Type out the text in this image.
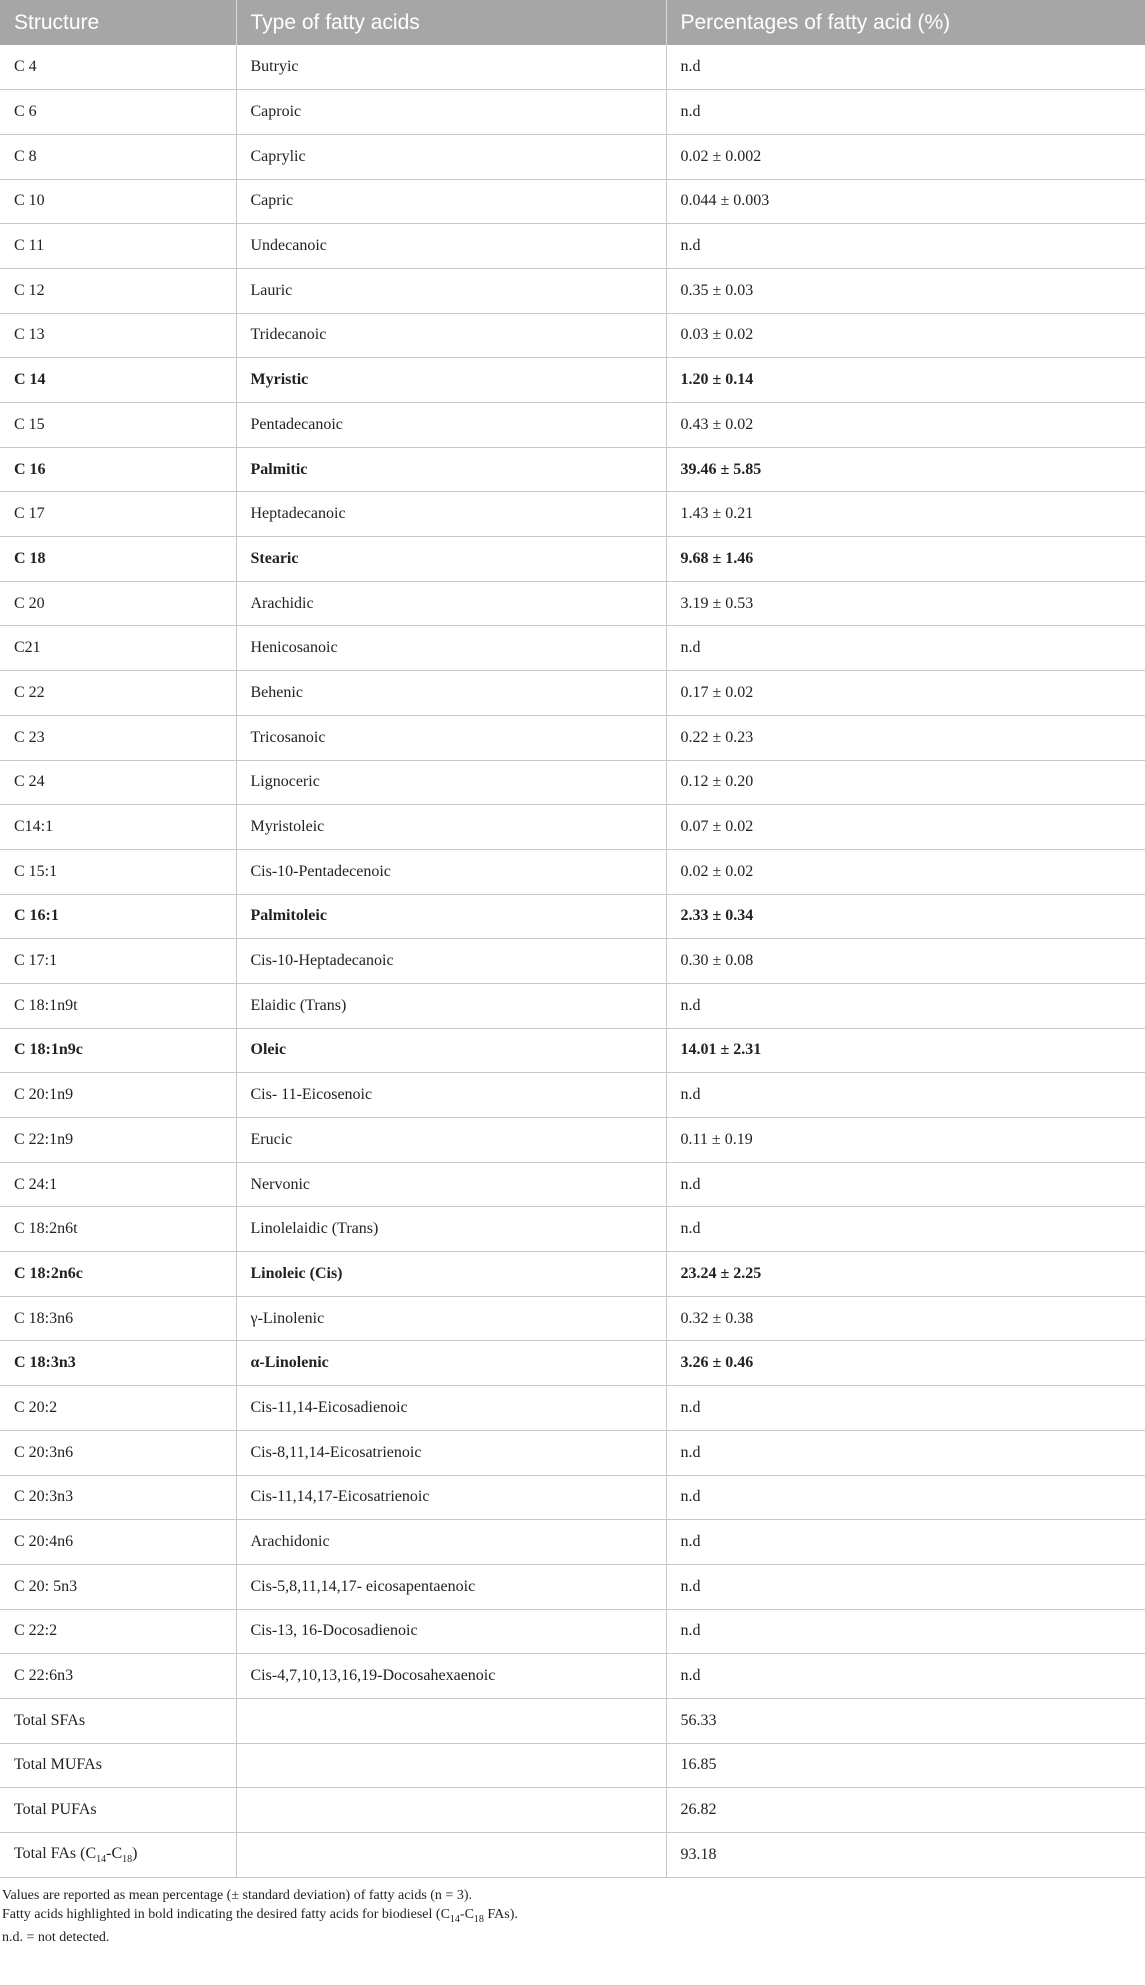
Structure	Type of fatty acids	Percentages of fatty acid (%)
C 4	Butryic	n.d
C 6	Caproic	n.d
C 8	Caprylic	0.02 ± 0.002
C 10	Capric	0.044 ± 0.003
C 11	Undecanoic	n.d
C 12	Lauric	0.35 ± 0.03
C 13	Tridecanoic	0.03 ± 0.02
C 14	Myristic	1.20 ± 0.14
C 15	Pentadecanoic	0.43 ± 0.02
C 16	Palmitic	39.46 ± 5.85
C 17	Heptadecanoic	1.43 ± 0.21
C 18	Stearic	9.68 ± 1.46
C 20	Arachidic	3.19 ± 0.53
C21	Henicosanoic	n.d
C 22	Behenic	0.17 ± 0.02
C 23	Tricosanoic	0.22 ± 0.23
C 24	Lignoceric	0.12 ± 0.20
C14:1	Myristoleic	0.07 ± 0.02
C 15:1	Cis-10-Pentadecenoic	0.02 ± 0.02
C 16:1	Palmitoleic	2.33 ± 0.34
C 17:1	Cis-10-Heptadecanoic	0.30 ± 0.08
C 18:1n9t	Elaidic (Trans)	n.d
C 18:1n9c	Oleic	14.01 ± 2.31
C 20:1n9	Cis- 11-Eicosenoic	n.d
C 22:1n9	Erucic	0.11 ± 0.19
C 24:1	Nervonic	n.d
C 18:2n6t	Linolelaidic (Trans)	n.d
C 18:2n6c	Linoleic (Cis)	23.24 ± 2.25
C 18:3n6	γ-Linolenic	0.32 ± 0.38
C 18:3n3	α-Linolenic	3.26 ± 0.46
C 20:2	Cis-11,14-Eicosadienoic	n.d
C 20:3n6	Cis-8,11,14-Eicosatrienoic	n.d
C 20:3n3	Cis-11,14,17-Eicosatrienoic	n.d
C 20:4n6	Arachidonic	n.d
C 20: 5n3	Cis-5,8,11,14,17- eicosapentaenoic	n.d
C 22:2	Cis-13, 16-Docosadienoic	n.d
C 22:6n3	Cis-4,7,10,13,16,19-Docosahexaenoic	n.d
Total SFAs		56.33
Total MUFAs		16.85
Total PUFAs		26.82
Total FAs $(C_{14}-C_{18})$		93.18
Values are reported as mean percentage (± standard deviation) of fatty acids (n = 3).
Fatty acids highlighted in bold indicating the desired fatty acids for biodiesel ($C_{14}-C_{18}$ FAs).
n.d. = not detected.
